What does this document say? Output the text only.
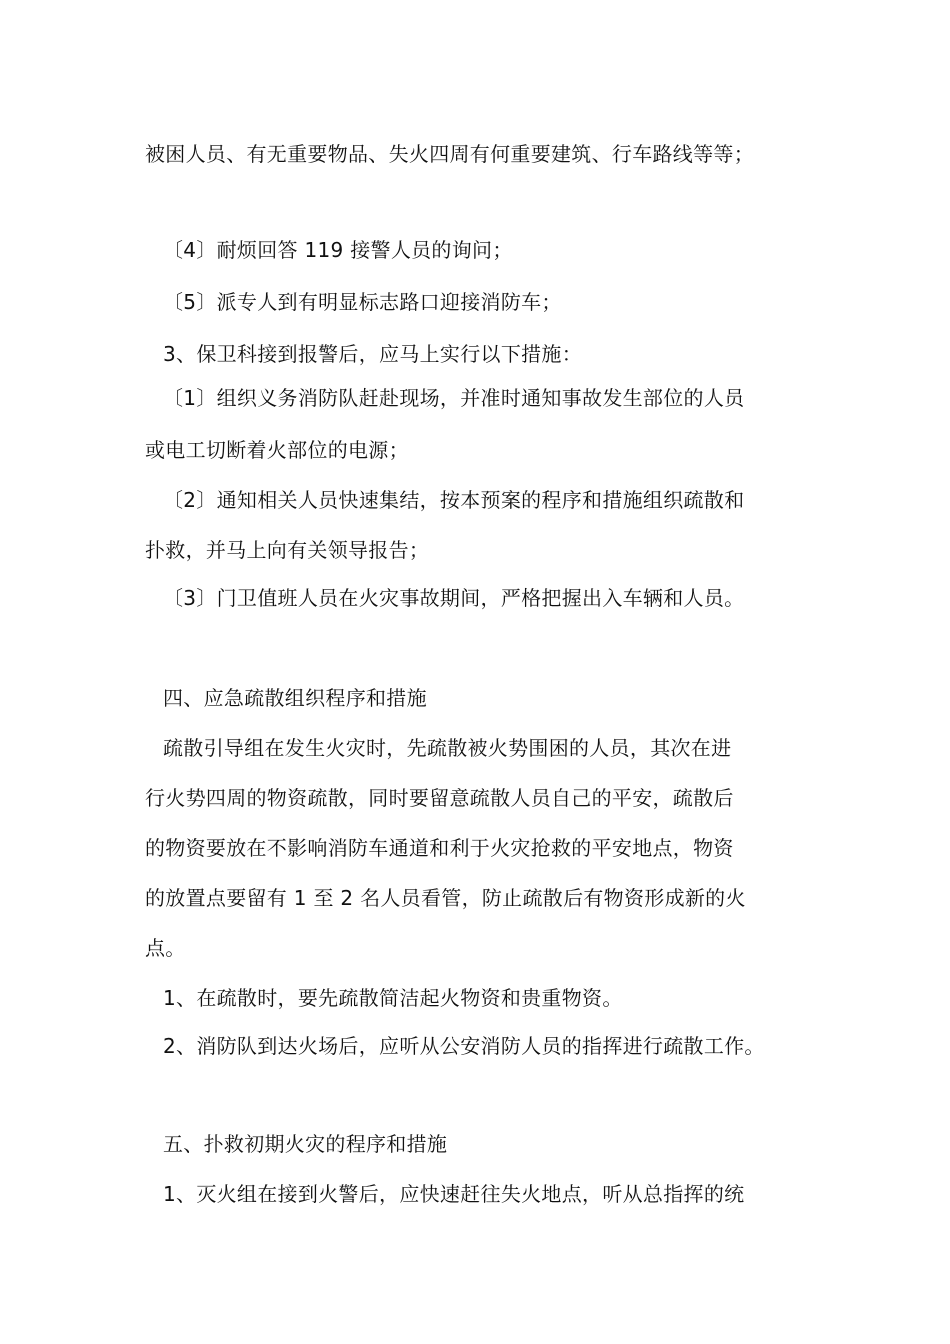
被困人员、有无重要物品、失火四周有何重要建筑、行车路线等等；
〔4〕耐烦回答 119 接警人员的询问；
〔5〕派专人到有明显标志路口迎接消防车；
3、保卫科接到报警后，应马上实行以下措施：
〔1〕组织义务消防队赶赴现场，并准时通知事故发生部位的人员
或电工切断着火部位的电源；
〔2〕通知相关人员快速集结，按本预案的程序和措施组织疏散和
扑救，并马上向有关领导报告；
〔3〕门卫值班人员在火灾事故期间，严格把握出入车辆和人员。
四、应急疏散组织程序和措施
疏散引导组在发生火灾时，先疏散被火势围困的人员，其次在进
行火势四周的物资疏散，同时要留意疏散人员自己的平安，疏散后
的物资要放在不影响消防车通道和利于火灾抢救的平安地点，物资
的放置点要留有 1 至 2 名人员看管，防止疏散后有物资形成新的火
点。
1、在疏散时，要先疏散简洁起火物资和贵重物资。
2、消防队到达火场后，应听从公安消防人员的指挥进行疏散工作。
五、扑救初期火灾的程序和措施
1、灭火组在接到火警后，应快速赶往失火地点，听从总指挥的统
